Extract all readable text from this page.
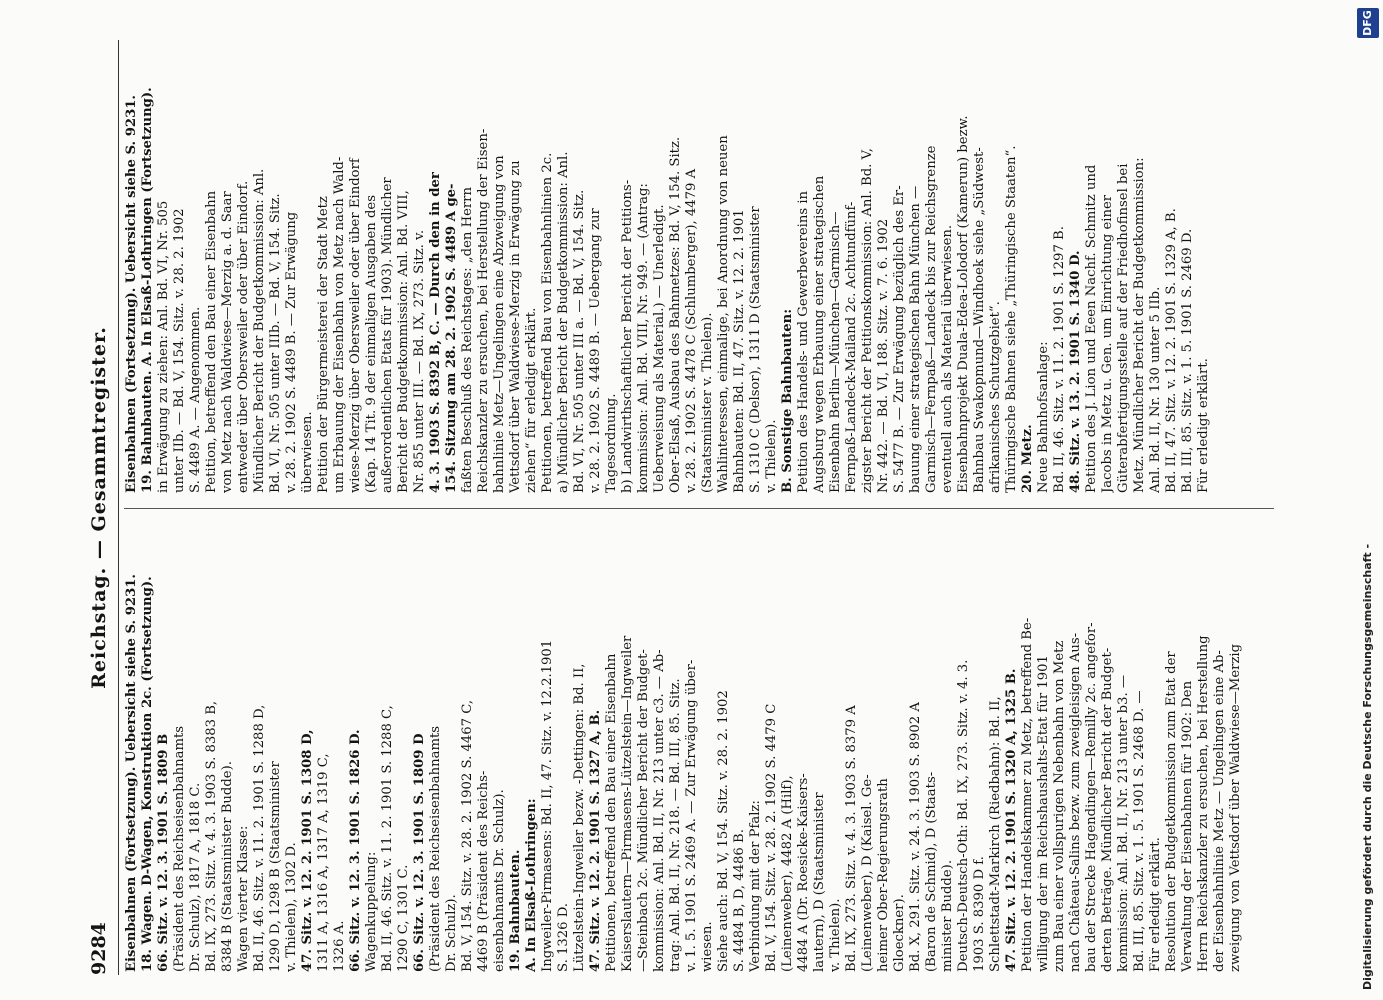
9284
Reichstag. — Gesammtregister.

Eisenbahnen (Fortsetzung). Uebersicht siehe S. 9231. 18. Wagen. D-Wagen, Konstruktion 2c. (Fortsetzung). 66. Sitz. v. 12. 3. 1901 S. 1809 B (Präsident des Reichseisenbahnamts Dr. Schulz), 1817 A, 1818 C. Bd. IX, 273. Sitz. v. 4. 3. 1903 S. 8383 B, 8384 B (Staatsminister Budde). Wagen vierter Klasse: Bd. II, 46. Sitz. v. 11. 2. 1901 S. 1288 D, 1290 D, 1298 B (Staatsminister v. Thielen), 1302 D. 47. Sitz. v. 12. 2. 1901 S. 1308 D, 1311 A, 1316 A, 1317 A, 1319 C, 1326 A. 66. Sitz. v. 12. 3. 1901 S. 1826 D. Wagenkuppelung: Bd. II, 46. Sitz. v. 11. 2. 1901 S. 1288 C, 1290 C, 1301 C. 66. Sitz. v. 12. 3. 1901 S. 1809 D (Präsident des Reichseisenbahnamts Dr. Schulz). Bd. V, 154. Sitz. v. 28. 2. 1902 S. 4467 C, 4469 B (Präsident des Reichs- eisenbahnamts Dr. Schulz). 19. Bahnbauten. A. In Elsaß-Lothringen: Ingweiler-Pirmasens: Bd. II, 47. Sitz. v. 12.2.1901 S. 1326 D. Lützelstein-Ingweiler bezw. -Dettingen: Bd. II, 47. Sitz. v. 12. 2. 1901 S. 1327 A, B. Petitionen, betreffend den Bau einer Eisenbahn Kaiserslautern—Pirmasens-Lützelstein—Ingweiler —Steinbach 2c. Mündlicher Bericht der Budget- kommission: Anl. Bd. II, Nr. 213 unter c3. — Ab- trag: Anl. Bd. II, Nr. 218. — Bd. III, 85. Sitz. v. 1. 5. 1901 S. 2469 A. — Zur Erwägung über- wiesen. Siehe auch: Bd. V, 154. Sitz. v. 28. 2. 1902 S. 4484 B, D, 4486 B. Verbindung mit der Pfalz: Bd. V, 154. Sitz. v. 28. 2. 1902 S. 4479 C (Leinenweber), 4482 A (Hilf), 4484 A (Dr. Roesicke-Kaisers- lautern), D (Staatsminister v. Thielen). Bd. IX, 273. Sitz. v. 4. 3. 1903 S. 8379 A (Leinenweber), D (Kaisel. Ge- heimer Ober-Regierungsrath Gloeckner). Bd. X, 291. Sitz. v. 24. 3. 1903 S. 8902 A (Baron de Schmid), D (Staats- minister Budde). Deutsch-Deutsch-Oth: Bd. IX, 273. Sitz. v. 4. 3. 1903 S. 8390 D f. Schlettstadt-Markirch (Riedbahn): Bd. II, 47. Sitz. v. 12. 2. 1901 S. 1320 A, 1325 B. Petition der Handelskammer zu Metz, betreffend Be- willigung der im Reichshaushalts-Etat für 1901 zum Bau einer vollspurigen Nebenbahn von Metz nach Château-Salins bezw. zum zweigleisigen Aus- bau der Strecke Hagendingen—Remilly 2c. angefor- derten Beträge. Mündlicher Bericht der Budget- kommission: Anl. Bd. II, Nr. 213 unter b3. — Bd. III, 85. Sitz. v. 1. 5. 1901 S. 2468 D. — Für erledigt erklärt. Resolution der Budgetkommission zum Etat der Verwaltung der Eisenbahnen für 1902: Den Herrn Reichskanzler zu ersuchen, bei Herstellung der Eisenbahnlinie Metz — Ungelingen eine Ab- zweigung von Vettsdorf über Waldwiese—Merzig

Eisenbahnen (Fortsetzung). Uebersicht siehe S. 9231. 19. Bahnbauten. A. In Elsaß-Lothringen (Fortsetzung). in Erwägung zu ziehen: Anl. Bd. VI, Nr. 505 unter IIb. — Bd. V, 154. Sitz. v. 28. 2. 1902 S. 4489 A. — Angenommen. Petition, betreffend den Bau einer Eisenbahn von Metz nach Waldwiese—Merzig a. d. Saar entweder über Obersweiler oder über Eindorf. Mündlicher Bericht der Budgetkommission: Anl. Bd. VI, Nr. 505 unter IIIb. — Bd. V, 154. Sitz. v. 28. 2. 1902 S. 4489 B. — Zur Erwägung überwiesen. Petition der Bürgermeisterei der Stadt Metz um Erbauung der Eisenbahn von Metz nach Wald- wiese-Merzig über Obersweiler oder über Eindorf (Kap. 14 Tit. 9 der einmaligen Ausgaben des außerordentlichen Etats für 1903). Mündlicher Bericht der Budgetkommission: Anl. Bd. VIII, Nr. 855 unter III. — Bd. IX, 273. Sitz. v. 4. 3. 1903 S. 8392 B, C. — Durch den in der 154. Sitzung am 28. 2. 1902 S. 4489 A ge- faßten Beschluß des Reichstages: „den Herrn Reichskanzler zu ersuchen, bei Herstellung der Eisen- bahnlinie Metz—Ungelingen eine Abzweigung von Vettsdorf über Waldwiese-Merzig in Erwägung zu ziehen“ für erledigt erklärt. Petitionen, betreffend Bau von Eisenbahnlinien 2c. a) Mündlicher Bericht der Budgetkommission: Anl. Bd. VI, Nr. 505 unter III a. — Bd. V, 154. Sitz. v. 28. 2. 1902 S. 4489 B. — Uebergang zur Tagesordnung. b) Landwirthschaftlicher Bericht der Petitions- kommission: Anl. Bd. VIII, Nr. 949. — (Antrag: Ueberweisung als Material.) — Unerledigt. Ober-Elsaß, Ausbau des Bahnnetzes: Bd. V, 154. Sitz. v. 28. 2. 1902 S. 4478 C (Schlumberger), 4479 A (Staatsminister v. Thielen). Wahlinteressen, einmalige, bei Anordnung von neuen Bahnbauten: Bd. II, 47. Sitz. v. 12. 2. 1901 S. 1310 C (Delsor), 1311 D (Staatsminister v. Thielen). B. Sonstige Bahnbauten: Petition des Handels- und Gewerbevereins in Augsburg wegen Erbauung einer strategischen Eisenbahn Berlin—München—Garmisch— Fernpaß-Landeck-Mailand 2c. Achtundfünf- zigster Bericht der Petitionskommission: Anl. Bd. V, Nr. 442. — Bd. VI, 188. Sitz. v. 7. 6. 1902 S. 5477 B. — Zur Erwägung bezüglich des Er- bauung einer strategischen Bahn München — Garmisch—Fernpaß—Landeck bis zur Reichsgrenze eventuell auch als Material überwiesen. Eisenbahnprojekt Duala-Edea-Lolodorf (Kamerun) bezw. Bahnbau Swakopmund—Windhoek siehe „Südwest- afrikanisches Schutzgebiet“. Thüringische Bahnen siehe „Thüringische Staaten“. 20. Metz. Neue Bahnhofsanlage: Bd. II, 46. Sitz. v. 11. 2. 1901 S. 1297 B. 48. Sitz. v. 13. 2. 1901 S. 1340 D. Petition des J. Lion und Eeen Nachf. Schmitz und Jacobs in Metz u. Gen. um Einrichtung einer Güterabfertigungsstelle auf der Friedhofinsel bei Metz. Mündlicher Bericht der Budgetkommission: Anl. Bd. II, Nr. 130 unter 5 IIb. Bd. II, 47. Sitz. v. 12. 2. 1901 S. 1329 A, B. Bd. III, 85. Sitz. v. 1. 5. 1901 S. 2469 D. Für erledigt erklärt.

Digitalisierung gefördert durch die Deutsche Forschungsgemeinschaft -
DFG
